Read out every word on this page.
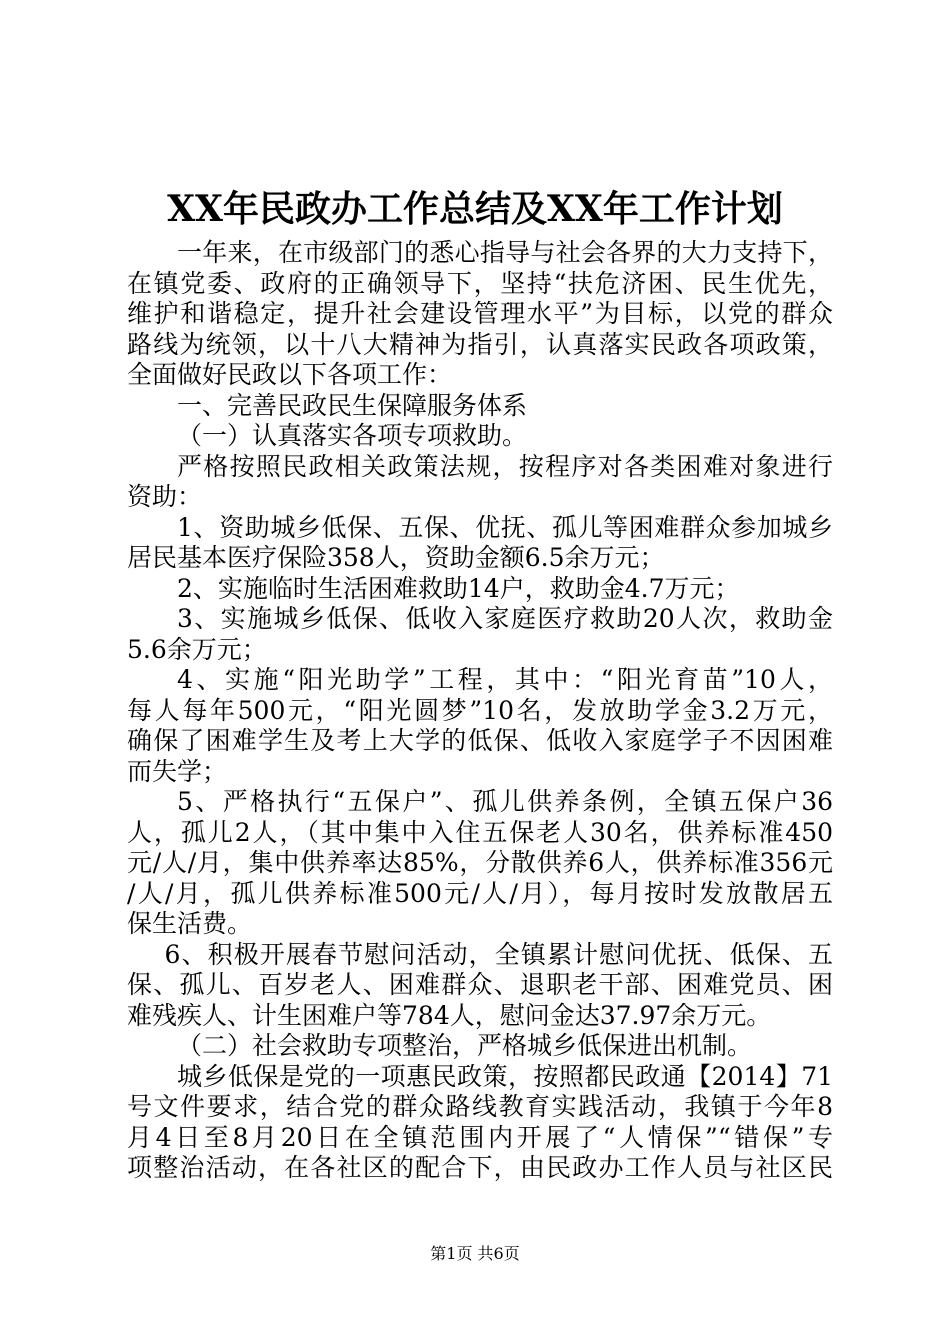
XX年民政办工作总结及XX年工作计划
一年来，在市级部门的悉心指导与社会各界的大力支持下，
在镇党委、政府的正确领导下，坚持“扶危济困、民生优先，
维护和谐稳定，提升社会建设管理水平”为目标，以党的群众
路线为统领，以十八大精神为指引，认真落实民政各项政策，
全面做好民政以下各项工作：
一、完善民政民生保障服务体系
（一）认真落实各项专项救助。
严格按照民政相关政策法规，按程序对各类困难对象进行
资助：
1、资助城乡低保、五保、优抚、孤儿等困难群众参加城乡
居民基本医疗保险358人，资助金额6.5余万元；
2、实施临时生活困难救助14户，救助金4.7万元；
3、实施城乡低保、低收入家庭医疗救助20人次，救助金
5.6余万元；
4、实施“阳光助学”工程，其中：“阳光育苗”10人，
每人每年500元，“阳光圆梦”10名，发放助学金3.2万元，
确保了困难学生及考上大学的低保、低收入家庭学子不因困难
而失学；
5、严格执行“五保户”、孤儿供养条例，全镇五保户36
人，孤儿2人，（其中集中入住五保老人30名，供养标准450
元/人/月，集中供养率达85%，分散供养6人，供养标准356元
/人/月，孤儿供养标准500元/人/月），每月按时发放散居五
保生活费。
6、积极开展春节慰问活动，全镇累计慰问优抚、低保、五
保、孤儿、百岁老人、困难群众、退职老干部、困难党员、困
难残疾人、计生困难户等784人，慰问金达37.97余万元。
（二）社会救助专项整治，严格城乡低保进出机制。
城乡低保是党的一项惠民政策，按照都民政通【2014】71
号文件要求，结合党的群众路线教育实践活动，我镇于今年8
月4日至8月20日在全镇范围内开展了“人情保”“错保”专
项整治活动，在各社区的配合下，由民政办工作人员与社区民
第1页 共6页
